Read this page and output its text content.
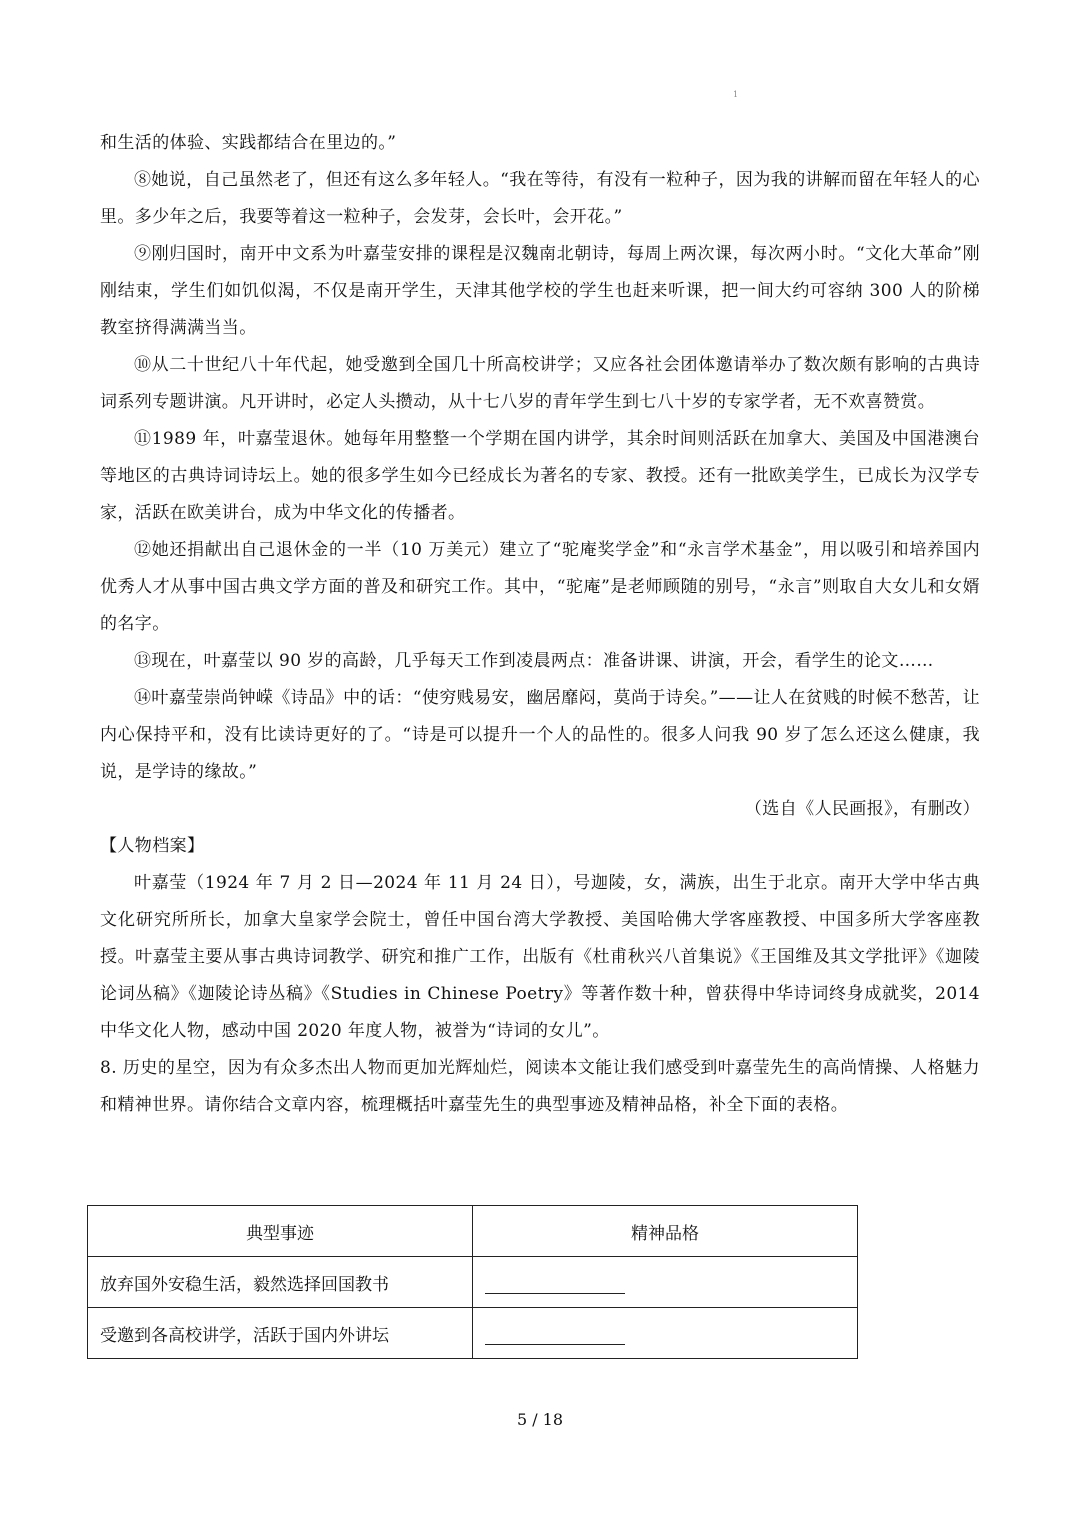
1

和生活的体验、实践都结合在里边的。”

⑧她说，自己虽然老了，但还有这么多年轻人。“我在等待，有没有一粒种子，因为我的讲解而留在年轻人的心里。多少年之后，我要等着这一粒种子，会发芽，会长叶，会开花。”

⑨刚归国时，南开中文系为叶嘉莹安排的课程是汉魏南北朝诗，每周上两次课，每次两小时。“文化大革命”刚刚结束，学生们如饥似渴，不仅是南开学生，天津其他学校的学生也赶来听课，把一间大约可容纳 300 人的阶梯教室挤得满满当当。

⑩从二十世纪八十年代起，她受邀到全国几十所高校讲学；又应各社会团体邀请举办了数次颇有影响的古典诗词系列专题讲演。凡开讲时，必定人头攒动，从十七八岁的青年学生到七八十岁的专家学者，无不欢喜赞赏。

⑪1989 年，叶嘉莹退休。她每年用整整一个学期在国内讲学，其余时间则活跃在加拿大、美国及中国港澳台等地区的古典诗词诗坛上。她的很多学生如今已经成长为著名的专家、教授。还有一批欧美学生，已成长为汉学专家，活跃在欧美讲台，成为中华文化的传播者。

⑫她还捐献出自己退休金的一半（10 万美元）建立了“驼庵奖学金”和“永言学术基金”，用以吸引和培养国内优秀人才从事中国古典文学方面的普及和研究工作。其中，“驼庵”是老师顾随的别号，“永言”则取自大女儿和女婿的名字。

⑬现在，叶嘉莹以 90 岁的高龄，几乎每天工作到凌晨两点：准备讲课、讲演，开会，看学生的论文……

⑭叶嘉莹崇尚钟嵘《诗品》中的话：“使穷贱易安，幽居靡闷，莫尚于诗矣。”——让人在贫贱的时候不愁苦，让内心保持平和，没有比读诗更好的了。“诗是可以提升一个人的品性的。很多人问我 90 岁了怎么还这么健康，我说，是学诗的缘故。”

（选自《人民画报》，有删改）

【人物档案】

叶嘉莹（1924 年 7 月 2 日—2024 年 11 月 24 日），号迦陵，女，满族，出生于北京。南开大学中华古典文化研究所所长，加拿大皇家学会院士，曾任中国台湾大学教授、美国哈佛大学客座教授、中国多所大学客座教授。叶嘉莹主要从事古典诗词教学、研究和推广工作，出版有《杜甫秋兴八首集说》《王国维及其文学批评》《迦陵论词丛稿》《迦陵论诗丛稿》《Studies in Chinese Poetry》等著作数十种，曾获得中华诗词终身成就奖，2014 中华文化人物，感动中国 2020 年度人物，被誉为“诗词的女儿”。

8. 历史的星空，因为有众多杰出人物而更加光辉灿烂，阅读本文能让我们感受到叶嘉莹先生的高尚情操、人格魅力和精神世界。请你结合文章内容，梳理概括叶嘉莹先生的典型事迹及精神品格，补全下面的表格。

典型事迹	精神品格
放弃国外安稳生活，毅然选择回国教书	
受邀到各高校讲学，活跃于国内外讲坛	
5 / 18
